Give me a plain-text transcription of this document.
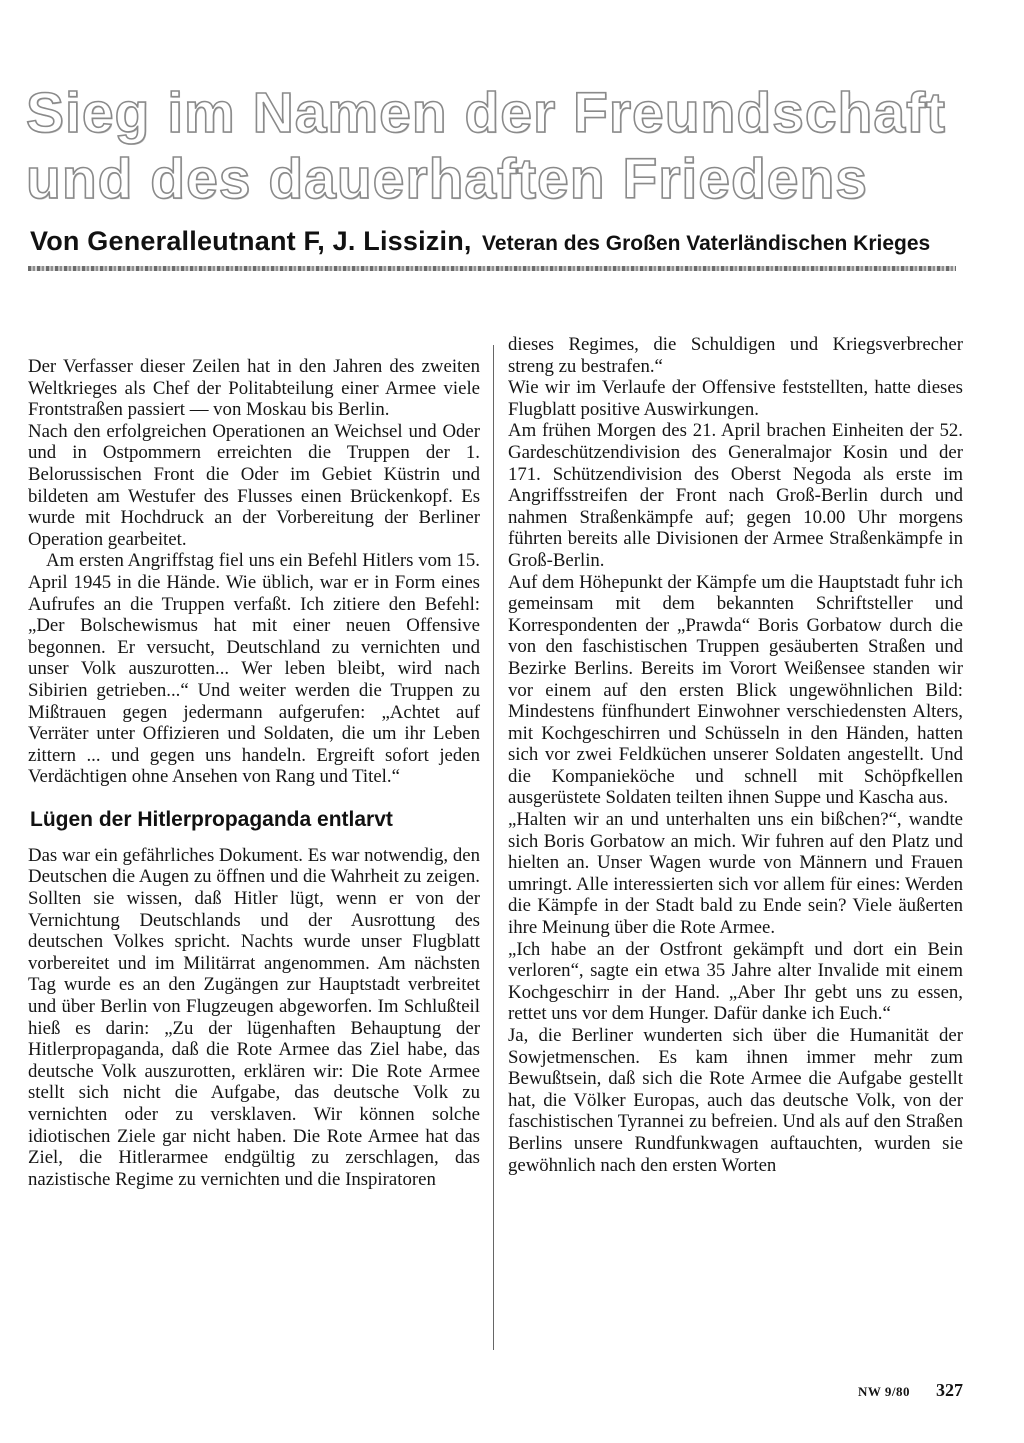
Sieg im Namen der Freundschaft
und des dauerhaften Friedens
Von Generalleutnant F, J. Lissizin, Veteran des Großen Vaterländischen Krieges

Der Verfasser dieser Zeilen hat in den Jahren des zweiten Weltkrieges als Chef der Politabteilung einer Armee viele Frontstraßen passiert — von Moskau bis Berlin.

Nach den erfolgreichen Operationen an Weichsel und Oder und in Ostpommern erreichten die Truppen der 1. Belorussischen Front die Oder im Gebiet Küstrin und bildeten am Westufer des Flusses einen Brückenkopf. Es wurde mit Hochdruck an der Vorbereitung der Berliner Operation gearbeitet.

Am ersten Angriffstag fiel uns ein Befehl Hitlers vom 15. April 1945 in die Hände. Wie üblich, war er in Form eines Aufrufes an die Truppen verfaßt. Ich zitiere den Befehl: „Der Bolschewismus hat mit einer neuen Offensive begonnen. Er versucht, Deutschland zu vernichten und unser Volk auszurotten... Wer leben bleibt, wird nach Sibirien getrieben...“ Und weiter werden die Truppen zu Mißtrauen gegen jedermann aufgerufen: „Achtet auf Verräter unter Offizieren und Soldaten, die um ihr Leben zittern ... und gegen uns handeln. Ergreift sofort jeden Verdächtigen ohne Ansehen von Rang und Titel.“

Lügen der Hitlerpropaganda entlarvt

Das war ein gefährliches Dokument. Es war notwendig, den Deutschen die Augen zu öffnen und die Wahrheit zu zeigen. Sollten sie wissen, daß Hitler lügt, wenn er von der Vernichtung Deutschlands und der Ausrottung des deutschen Volkes spricht. Nachts wurde unser Flugblatt vorbereitet und im Militärrat angenommen. Am nächsten Tag wurde es an den Zugängen zur Hauptstadt verbreitet und über Berlin von Flugzeugen abgeworfen. Im Schlußteil hieß es darin: „Zu der lügenhaften Behauptung der Hitlerpropaganda, daß die Rote Armee das Ziel habe, das deutsche Volk auszurotten, erklären wir: Die Rote Armee stellt sich nicht die Aufgabe, das deutsche Volk zu vernichten oder zu versklaven. Wir können solche idiotischen Ziele gar nicht haben. Die Rote Armee hat das Ziel, die Hitlerarmee endgültig zu zerschlagen, das nazistische Regime zu vernichten und die Inspiratoren

dieses Regimes, die Schuldigen und Kriegsverbrecher streng zu bestrafen.“

Wie wir im Verlaufe der Offensive feststellten, hatte dieses Flugblatt positive Auswirkungen.

Am frühen Morgen des 21. April brachen Einheiten der 52. Gardeschützendivision des Generalmajor Kosin und der 171. Schützendivision des Oberst Negoda als erste im Angriffsstreifen der Front nach Groß-Berlin durch und nahmen Straßenkämpfe auf; gegen 10.00 Uhr morgens führten bereits alle Divisionen der Armee Straßenkämpfe in Groß-Berlin.

Auf dem Höhepunkt der Kämpfe um die Hauptstadt fuhr ich gemeinsam mit dem bekannten Schriftsteller und Korrespondenten der „Prawda“ Boris Gorbatow durch die von den faschistischen Truppen gesäuberten Straßen und Bezirke Berlins. Bereits im Vorort Weißensee standen wir vor einem auf den ersten Blick ungewöhnlichen Bild: Mindestens fünfhundert Einwohner verschiedensten Alters, mit Kochgeschirren und Schüsseln in den Händen, hatten sich vor zwei Feldküchen unserer Soldaten angestellt. Und die Kompanieköche und schnell mit Schöpfkellen ausgerüstete Soldaten teilten ihnen Suppe und Kascha aus.

„Halten wir an und unterhalten uns ein bißchen?“, wandte sich Boris Gorbatow an mich. Wir fuhren auf den Platz und hielten an. Unser Wagen wurde von Männern und Frauen umringt. Alle interessierten sich vor allem für eines: Werden die Kämpfe in der Stadt bald zu Ende sein? Viele äußerten ihre Meinung über die Rote Armee.

„Ich habe an der Ostfront gekämpft und dort ein Bein verloren“, sagte ein etwa 35 Jahre alter Invalide mit einem Kochgeschirr in der Hand. „Aber Ihr gebt uns zu essen, rettet uns vor dem Hunger. Dafür danke ich Euch.“

Ja, die Berliner wunderten sich über die Humanität der Sowjetmenschen. Es kam ihnen immer mehr zum Bewußtsein, daß sich die Rote Armee die Aufgabe gestellt hat, die Völker Europas, auch das deutsche Volk, von der faschistischen Tyrannei zu befreien. Und als auf den Straßen Berlins unsere Rundfunkwagen auftauchten, wurden sie gewöhnlich nach den ersten Worten

NW 9/80 327
